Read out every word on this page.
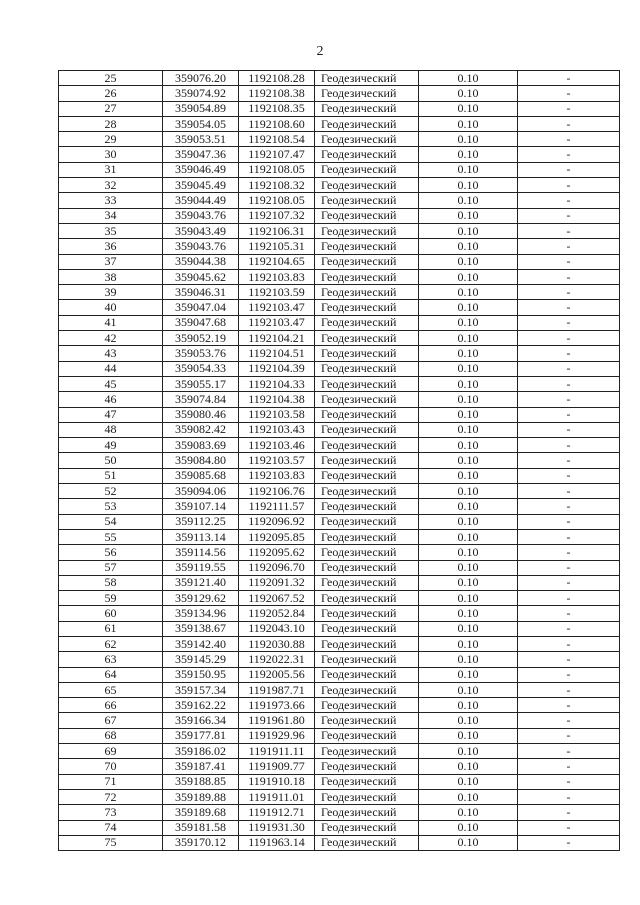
2
25	359076.20	1192108.28	Геодезический	0.10	-
26	359074.92	1192108.38	Геодезический	0.10	-
27	359054.89	1192108.35	Геодезический	0.10	-
28	359054.05	1192108.60	Геодезический	0.10	-
29	359053.51	1192108.54	Геодезический	0.10	-
30	359047.36	1192107.47	Геодезический	0.10	-
31	359046.49	1192108.05	Геодезический	0.10	-
32	359045.49	1192108.32	Геодезический	0.10	-
33	359044.49	1192108.05	Геодезический	0.10	-
34	359043.76	1192107.32	Геодезический	0.10	-
35	359043.49	1192106.31	Геодезический	0.10	-
36	359043.76	1192105.31	Геодезический	0.10	-
37	359044.38	1192104.65	Геодезический	0.10	-
38	359045.62	1192103.83	Геодезический	0.10	-
39	359046.31	1192103.59	Геодезический	0.10	-
40	359047.04	1192103.47	Геодезический	0.10	-
41	359047.68	1192103.47	Геодезический	0.10	-
42	359052.19	1192104.21	Геодезический	0.10	-
43	359053.76	1192104.51	Геодезический	0.10	-
44	359054.33	1192104.39	Геодезический	0.10	-
45	359055.17	1192104.33	Геодезический	0.10	-
46	359074.84	1192104.38	Геодезический	0.10	-
47	359080.46	1192103.58	Геодезический	0.10	-
48	359082.42	1192103.43	Геодезический	0.10	-
49	359083.69	1192103.46	Геодезический	0.10	-
50	359084.80	1192103.57	Геодезический	0.10	-
51	359085.68	1192103.83	Геодезический	0.10	-
52	359094.06	1192106.76	Геодезический	0.10	-
53	359107.14	1192111.57	Геодезический	0.10	-
54	359112.25	1192096.92	Геодезический	0.10	-
55	359113.14	1192095.85	Геодезический	0.10	-
56	359114.56	1192095.62	Геодезический	0.10	-
57	359119.55	1192096.70	Геодезический	0.10	-
58	359121.40	1192091.32	Геодезический	0.10	-
59	359129.62	1192067.52	Геодезический	0.10	-
60	359134.96	1192052.84	Геодезический	0.10	-
61	359138.67	1192043.10	Геодезический	0.10	-
62	359142.40	1192030.88	Геодезический	0.10	-
63	359145.29	1192022.31	Геодезический	0.10	-
64	359150.95	1192005.56	Геодезический	0.10	-
65	359157.34	1191987.71	Геодезический	0.10	-
66	359162.22	1191973.66	Геодезический	0.10	-
67	359166.34	1191961.80	Геодезический	0.10	-
68	359177.81	1191929.96	Геодезический	0.10	-
69	359186.02	1191911.11	Геодезический	0.10	-
70	359187.41	1191909.77	Геодезический	0.10	-
71	359188.85	1191910.18	Геодезический	0.10	-
72	359189.88	1191911.01	Геодезический	0.10	-
73	359189.68	1191912.71	Геодезический	0.10	-
74	359181.58	1191931.30	Геодезический	0.10	-
75	359170.12	1191963.14	Геодезический	0.10	-
